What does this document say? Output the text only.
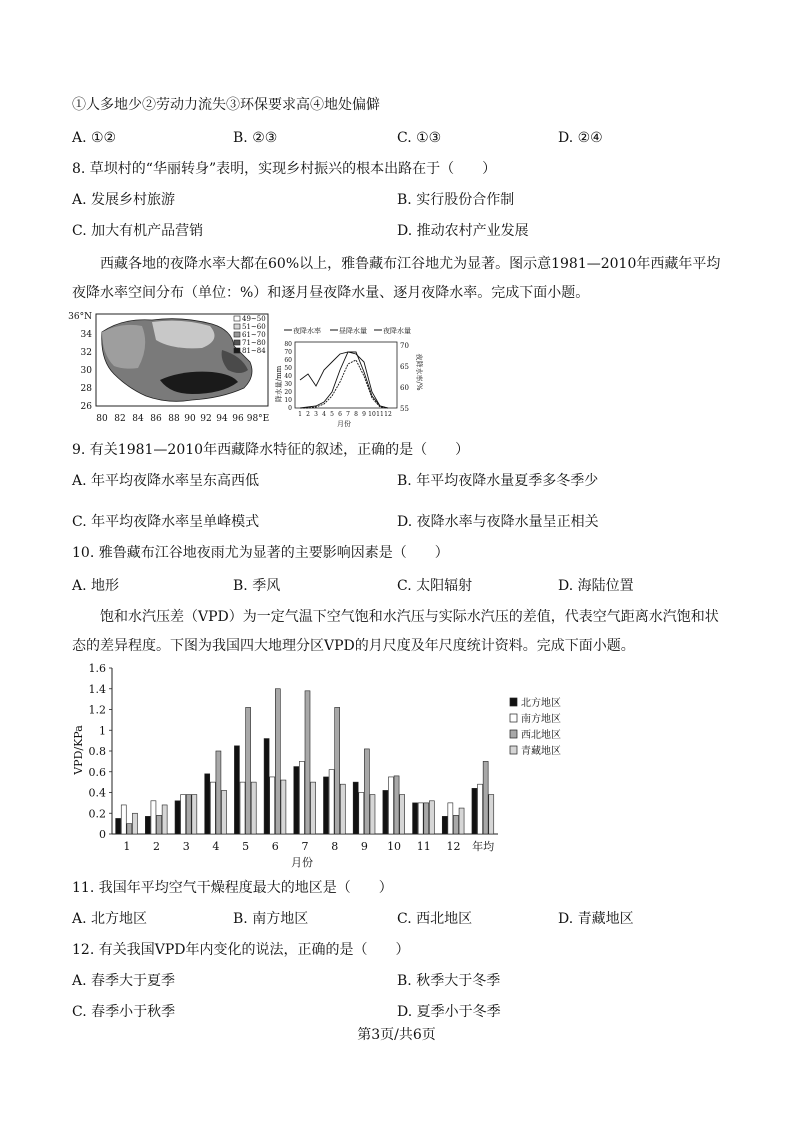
①人多地少②劳动力流失③环保要求高④地处偏僻
A. ①②	B. ②③	C. ①③	D. ②④
8. 草坝村的“华丽转身”表明，实现乡村振兴的根本出路在于（　　）
A. 发展乡村旅游	B. 实行股份合作制
C. 加大有机产品营销	D. 推动农村产业发展
西藏各地的夜降水率大都在60%以上，雅鲁藏布江谷地尤为显著。图示意1981—2010年西藏年平均夜降水率空间分布（单位：%）和逐月昼夜降水量、逐月夜降水率。完成下面小题。
36°N
34
32
30
28
26
49~50
51~60
61~70
71~80
81~84
80 82 84 86 88 90 92 94 96 98°E
夜降水率	昼降水量 夜降水量
降水量/mm	夜降水率/%
80
70
60
50
40
30
20
10
0
70
65
60
55
1 2 3 4 5 6 7 8 9 10 11 12
月份
9. 有关1981—2010年西藏降水特征的叙述，正确的是（　　）
A. 年平均夜降水率呈东高西低	B. 年平均夜降水量夏季多冬季少
C. 年平均夜降水率呈单峰模式	D. 夜降水率与夜降水量呈正相关
10. 雅鲁藏布江谷地夜雨尤为显著的主要影响因素是（　　）
A. 地形	B. 季风	C. 太阳辐射	D. 海陆位置
饱和水汽压差（VPD）为一定气温下空气饱和水汽压与实际水汽压的差值，代表空气距离水汽饱和状态的差异程度。下图为我国四大地理分区VPD的月尺度及年尺度统计资料。完成下面小题。
VPD/KPa
0
0.2
0.4
0.6
0.8
1
1.2
1.4
1.6
1 2 3 4 5 6 7 8 9 10 11 12 年均
月份
北方地区
南方地区
西北地区
青藏地区
11. 我国年平均空气干燥程度最大的地区是（　　）
A. 北方地区	B. 南方地区	C. 西北地区	D. 青藏地区
12. 有关我国VPD年内变化的说法，正确的是（　　）
A. 春季大于夏季	B. 秋季大于冬季
C. 春季小于秋季	D. 夏季小于冬季
第3页/共6页
